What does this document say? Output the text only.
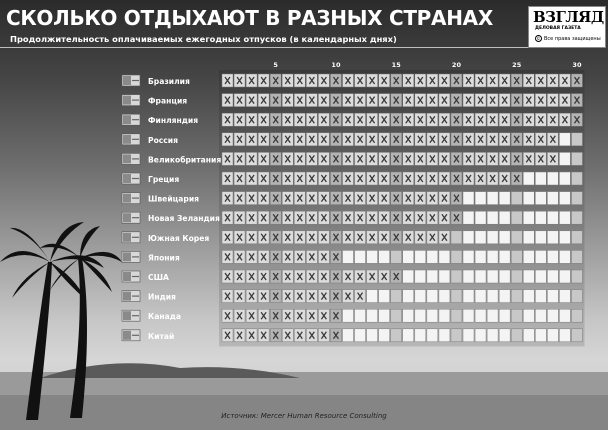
5	10	15	20	25	30
Бразилия
Франция
Финляндия
Россия
Великобритания
Греция
Швейцария
Новая Зеландия
Южная Корея
Япония
США
Индия
Канада
Китай
СКОЛЬКО ОТДЫХАЮТ В РАЗНЫХ СТРАНАХ
Продолжительность оплачиваемых ежегодных отпусков (в календарных днях)
ВЗГЛЯД
ДЕЛОВАЯ ГАЗЕТА
© Все права защищены
Источник: Mercer Human Resource Consulting
